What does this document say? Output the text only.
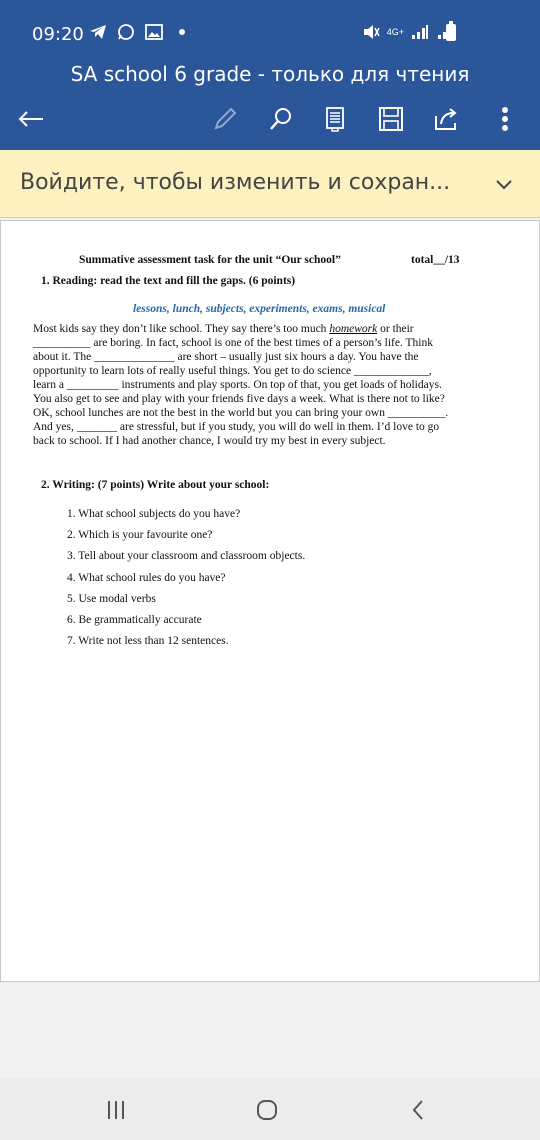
09:20	4G+
SA school 6 grade - только для чтения
Войдите, чтобы изменить и сохран...
Summative assessment task for the unit “Our school”	total__/13
1. Reading: read the text and fill the gaps. (6 points)
lessons, lunch, subjects, experiments, exams, musical
Most kids say they don’t like school. They say there’s too much homework or their
__________ are boring. In fact, school is one of the best times of a person’s life. Think
about it. The ______________ are short – usually just six hours a day. You have the
opportunity to learn lots of really useful things. You get to do science _____________,
learn a _________ instruments and play sports. On top of that, you get loads of holidays.
You also get to see and play with your friends five days a week. What is there not to like?
OK, school lunches are not the best in the world but you can bring your own __________.
And yes, _______ are stressful, but if you study, you will do well in them. I’d love to go
back to school. If I had another chance, I would try my best in every subject.
2. Writing: (7 points) Write about your school:
1. What school subjects do you have?
2. Which is your favourite one?
3. Tell about your classroom and classroom objects.
4. What school rules do you have?
5. Use modal verbs
6. Be grammatically accurate
7. Write not less than 12 sentences.
